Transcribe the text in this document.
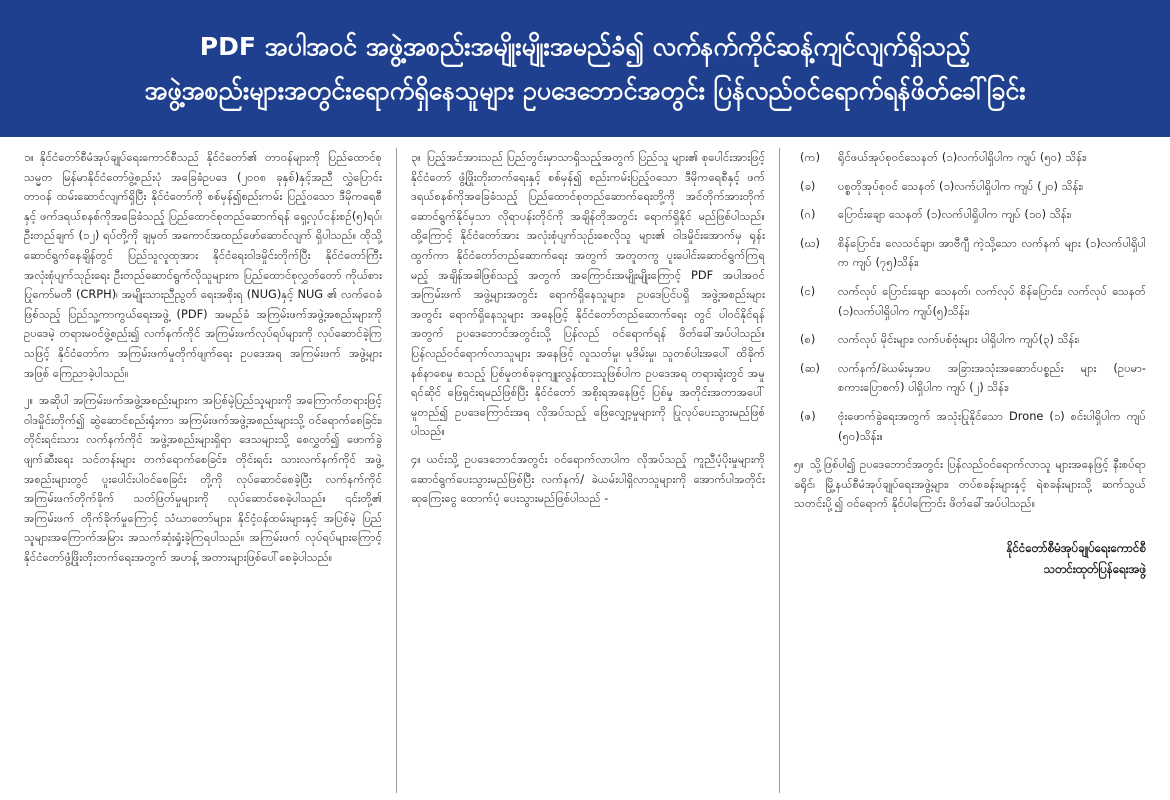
PDF အပါအဝင် အဖွဲ့အစည်းအမျိုးမျိုးအမည်ခံ၍ လက်နက်ကိုင်ဆန့်ကျင်လျက်ရှိသည့်
အဖွဲ့အစည်းများအတွင်းရောက်ရှိနေသူများ ဥပဒေဘောင်အတွင်း ပြန်လည်ဝင်ရောက်ရန်ဖိတ်ခေါ်ခြင်း
၁။ နိုင်ငံတော်စီမံအုပ်ချုပ်ရေးကောင်စီသည် နိုင်ငံတော်၏ တာဝန်များကို ပြည်ထောင်စုသမ္မတ မြန်မာနိုင်ငံတော်ဖွဲ့စည်းပုံ အခြေခံဥပဒေ (၂၀၀၈ ခုနှစ်)နှင့်အညီ လွှဲပြောင်း တာဝန် ထမ်းဆောင်လျက်ရှိပြီး နိုင်ငံတော်ကို စစ်မှန်၍စည်းကမ်း ပြည့်ဝသော ဒီမိုကရေစီနှင့် ဖက်ဒရယ်စနစ်ကိုအခြေခံသည့် ပြည်ထောင်စုတည်ဆောက်ရန် ရှေ့လုပ်ငန်းစဉ်(၅)ရပ်၊ ဦးတည်ချက် (၁၂) ရပ်တို့ကို ချမှတ် အကောင်အထည်ဖော်ဆောင်လျက် ရှိပါသည်။ ထိုသို့ဆောင်ရွက်နေချိန်တွင် ပြည်သူလူထုအား နိုင်ငံရေးဝါဒမှိုင်းတိုက်ပြီး နိုင်ငံတော်ကြီး အလုံးစုံပျက်သုဉ်းရေး ဦးတည်ဆောင်ရွက်လိုသူများက ပြည်ထောင်စုလွှတ်တော် ကိုယ်စားပြုကော်မတီ (CRPH)၊ အမျိုးသားညီညွတ် ရေးအစိုးရ (NUG)နှင့် NUG ၏ လက်ဝေခံဖြစ်သည့် ပြည်သူ့ကာကွယ်ရေးအဖွဲ့ (PDF) အမည်ခံ အကြမ်းဖက်အဖွဲ့အစည်းများကို ဥပဒေမဲ့ တရားမဝင်ဖွဲ့စည်း၍ လက်နက်ကိုင် အကြမ်းဖက်လုပ်ရပ်များကို လုပ်ဆောင်ခဲ့ကြသဖြင့် နိုင်ငံတော်က အကြမ်းဖက်မှုတိုက်ဖျက်ရေး ဥပဒေအရ အကြမ်းဖက် အဖွဲ့များအဖြစ် ကြေညာခဲ့ပါသည်။
၂။ အဆိုပါ အကြမ်းဖက်အဖွဲ့အစည်းများက အပြစ်မဲ့ပြည်သူများကို အကြောက်တရားဖြင့် ဝါဒမှိုင်းတိုက်၍ ဆွဲဆောင်စည်းရုံးကာ အကြမ်းဖက်အဖွဲ့အစည်းများသို့ ဝင်ရောက်စေခြင်း၊ တိုင်းရင်းသား လက်နက်ကိုင် အဖွဲ့အစည်းများရှိရာ ဒေသများသို့ စေလွှတ်၍ ဖောက်ခွဲဖျက်ဆီးရေး သင်တန်းများ တက်ရောက်စေခြင်း၊ တိုင်းရင်း သားလက်နက်ကိုင် အဖွဲ့အစည်းများတွင် ပူးပေါင်းပါဝင်စေခြင်း တို့ကို လုပ်ဆောင်စေခဲ့ပြီး လက်နက်ကိုင် အကြမ်းဖက်တိုက်ခိုက် သတ်ဖြတ်မှုများကို လုပ်ဆောင်စေခဲ့ပါသည်။ ၎င်းတို့၏ အကြမ်းဖက် တိုက်ခိုက်မှုကြောင့် သံဃာတော်များ၊ နိုင်ငံ့ဝန်ထမ်းများနှင့် အပြစ်မဲ့ ပြည်သူများအကြောက်အမြား အသက်ဆုံးရှုံးခဲ့ကြရပါသည်။ အကြမ်းဖက် လုပ်ရပ်များကြောင့် နိုင်ငံတော်ဖွံ့ဖြိုးတိုးတက်ရေးအတွက် အဟန့် အတားများဖြစ်ပေါ်စေခဲ့ပါသည်။
၃။ ပြည့်အင်အားသည် ပြည်တွင်းမှာသာရှိသည့်အတွက် ပြည်သူ များ၏ စုပေါင်းအားဖြင့် နိုင်ငံတော် ဖွံ့ဖြိုးတိုးတက်ရေးနှင့် စစ်မှန်၍ စည်းကမ်းပြည့်ဝသော ဒီမိုကရေစီနှင့် ဖက်ဒရယ်စနစ်ကိုအခြေခံသည့် ပြည်ထောင်စုတည်ဆောက်ရေးတို့ကို အင်တိုက်အားတိုက် ဆောင်ရွက်နိုင်မှသာ လိုရာပန်းတိုင်ကို အချိန်တိုအတွင်း ရောက်ရှိနိုင် မည်ဖြစ်ပါသည်။ ထို့ကြောင့် နိုင်ငံတော်အား အလုံးစုံပျက်သုဉ်းစေလိုသူ များ၏ ဝါဒမှိုင်းအောက်မှ ရုန်းထွက်ကာ နိုင်ငံတော်တည်ဆောက်ရေး အတွက် အတူတကွ ပူးပေါင်းဆောင်ရွက်ကြရမည့် အချိန်အခါဖြစ်သည့် အတွက် အကြောင်းအမျိုးမျိုးကြောင့် PDF အပါအဝင် အကြမ်းဖက် အဖွဲ့များအတွင်း ရောက်ရှိနေသူများ၊ ဥပဒေပြင်ပရှိ အဖွဲ့အစည်းများ အတွင်း ရောက်ရှိနေသူများ အနေဖြင့် နိုင်ငံတော်တည်ဆောက်ရေး တွင် ပါဝင်နိုင်ရန်အတွက် ဥပဒေဘောင်အတွင်းသို့ ပြန်လည် ဝင်ရောက်ရန် ဖိတ်ခေါ်အပ်ပါသည်။ ပြန်လည်ဝင်ရောက်လာသူများ အနေဖြင့် လူသတ်မှု၊ မုဒိမ်းမှု၊ သူတစ်ပါးအပေါ် ထိခိုက်နစ်နာစေမှု စသည့် ပြစ်မှုတစ်ခုခုကျူးလွန်ထားသူဖြစ်ပါက ဥပဒေအရ တရားရုံးတွင် အမှုရင်ဆိုင် ဖြေရှင်းရမည်ဖြစ်ပြီး နိုင်ငံတော် အစိုးရအနေဖြင့် ပြစ်မှု အတိုင်းအတာအပေါ် မူတည်၍ ဥပဒေကြောင်းအရ လိုအပ်သည့် ဖြေလျှော့မှုများကို ပြုလုပ်ပေးသွားမည်ဖြစ်ပါသည်။
၄။ ယင်းသို့ ဥပဒေဘောင်အတွင်း ဝင်ရောက်လာပါက လိုအပ်သည့် ကူညီပံ့ပိုးမှုများကို ဆောင်ရွက်ပေးသွားမည်ဖြစ်ပြီး လက်နက်/ ခဲယမ်းပါရှိလာသူများကို အောက်ပါအတိုင်း ဆုကြေးငွေ ထောက်ပံ့ ပေးသွားမည်ဖြစ်ပါသည် -
(က)	ရိုင်ဖယ်အုပ်စုဝင်သေနတ် (၁)လက်ပါရှိပါက ကျပ် (၅၀) သိန်း၊
(ခ)	ပစ္စတိုအုပ်စုဝင် သေနတ် (၁)လက်ပါရှိပါက ကျပ် (၂၀) သိန်း၊
(ဂ)	ပြောင်းချော သေနတ် (၁)လက်ပါရှိပါက ကျပ် (၁၀) သိန်း၊
(ဃ)	စိန်ပြောင်း၊ လေသင်ချာ၊ အာဗီဂျီ ကဲ့သို့သော လက်နက် များ (၁)လက်ပါရှိပါက ကျပ် (၇၅)သိန်း၊
(င)	လက်လုပ် ပြောင်းချော သေနတ်၊ လက်လုပ် စိန်ပြောင်း၊ လက်လုပ် သေနတ် (၁)လက်ပါရှိပါက ကျပ်(၅)သိန်း၊
(စ)	လက်လုပ် မိုင်းများ၊ လက်ပစ်ဗုံးများ ပါရှိပါက ကျပ်(၃) သိန်း၊
(ဆ)	လက်နက်/ခဲယမ်းမှအပ အခြားအသုံးအဆောင်ပစ္စည်း များ (ဥပမာ- စကားပြောစက်) ပါရှိပါက ကျပ် (၂) သိန်း၊
(ဇ)	ဗုံးဖောက်ခွဲရေးအတွက် အသုံးပြုနိုင်သော Drone (၁) စင်းပါရှိပါက ကျပ် (၅၀)သိန်း။
၅။ သို့ဖြစ်ပါ၍ ဥပဒေဘောင်အတွင်း ပြန်လည်ဝင်ရောက်လာသူ များအနေဖြင့် နီးစပ်ရာ ခရိုင်၊ မြို့နယ်စီမံအုပ်ချုပ်ရေးအဖွဲ့များ၊ တပ်စခန်းများနှင့် ရဲစခန်းများသို့ ဆက်သွယ်သတင်းပို့၍ ဝင်ရောက် နိုင်ပါကြောင်း ဖိတ်ခေါ်အပ်ပါသည်။
နိုင်ငံတော်စီမံအုပ်ချုပ်ရေးကောင်စီ
သတင်းထုတ်ပြန်ရေးအဖွဲ့
